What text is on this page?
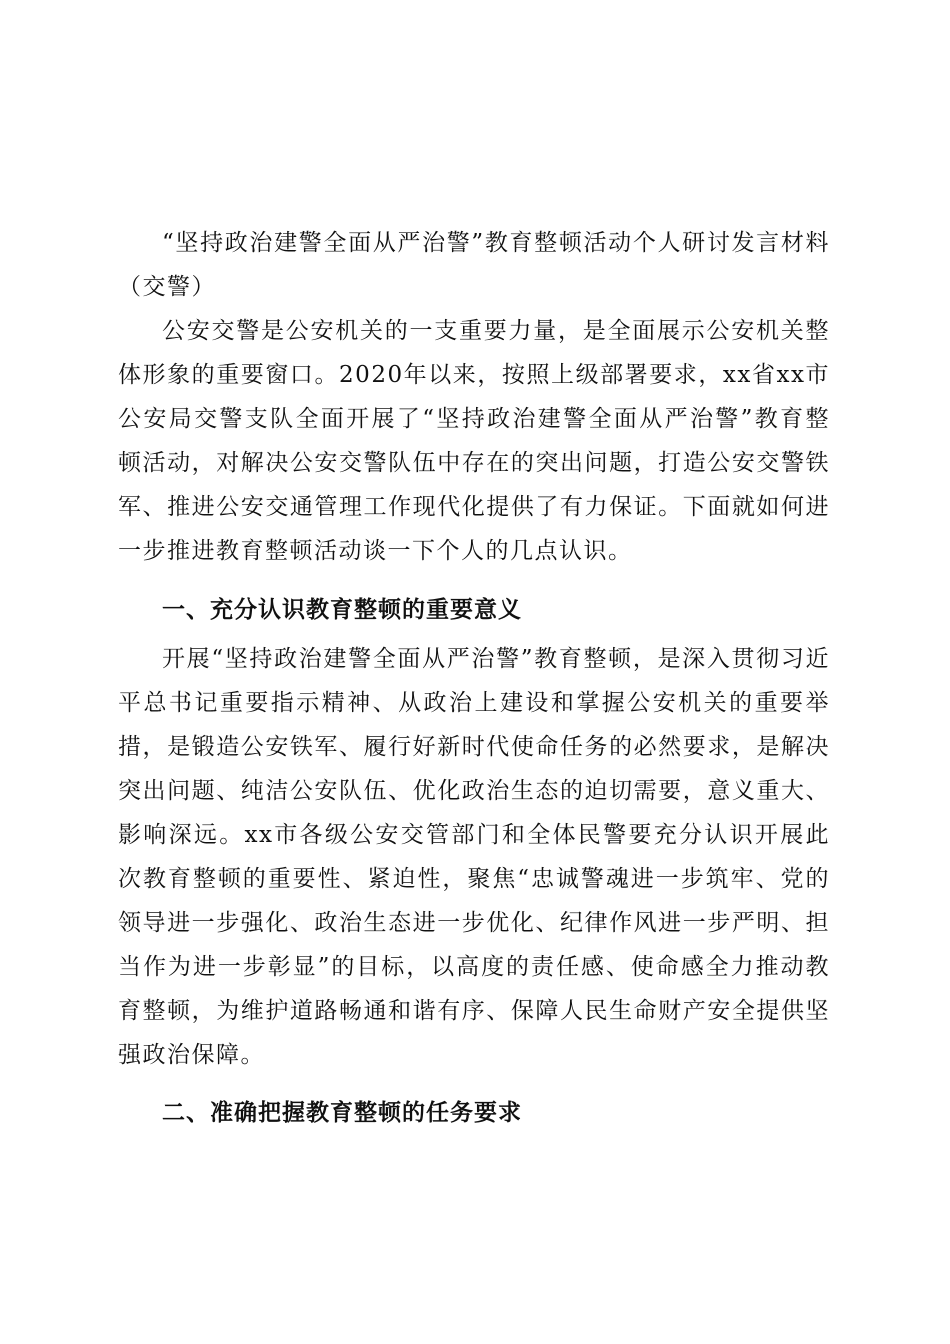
“坚持政治建警全面从严治警”教育整顿活动个人研讨发言材料（交警）

公安交警是公安机关的一支重要力量，是全面展示公安机关整体形象的重要窗口。2020年以来，按照上级部署要求，xx省xx市公安局交警支队全面开展了“坚持政治建警全面从严治警”教育整顿活动，对解决公安交警队伍中存在的突出问题，打造公安交警铁军、推进公安交通管理工作现代化提供了有力保证。下面就如何进一步推进教育整顿活动谈一下个人的几点认识。

一、充分认识教育整顿的重要意义

开展“坚持政治建警全面从严治警”教育整顿，是深入贯彻习近平总书记重要指示精神、从政治上建设和掌握公安机关的重要举措，是锻造公安铁军、履行好新时代使命任务的必然要求，是解决突出问题、纯洁公安队伍、优化政治生态的迫切需要，意义重大、影响深远。xx市各级公安交管部门和全体民警要充分认识开展此次教育整顿的重要性、紧迫性，聚焦“忠诚警魂进一步筑牢、党的领导进一步强化、政治生态进一步优化、纪律作风进一步严明、担当作为进一步彰显”的目标，以高度的责任感、使命感全力推动教育整顿，为维护道路畅通和谐有序、保障人民生命财产安全提供坚强政治保障。

二、准确把握教育整顿的任务要求
